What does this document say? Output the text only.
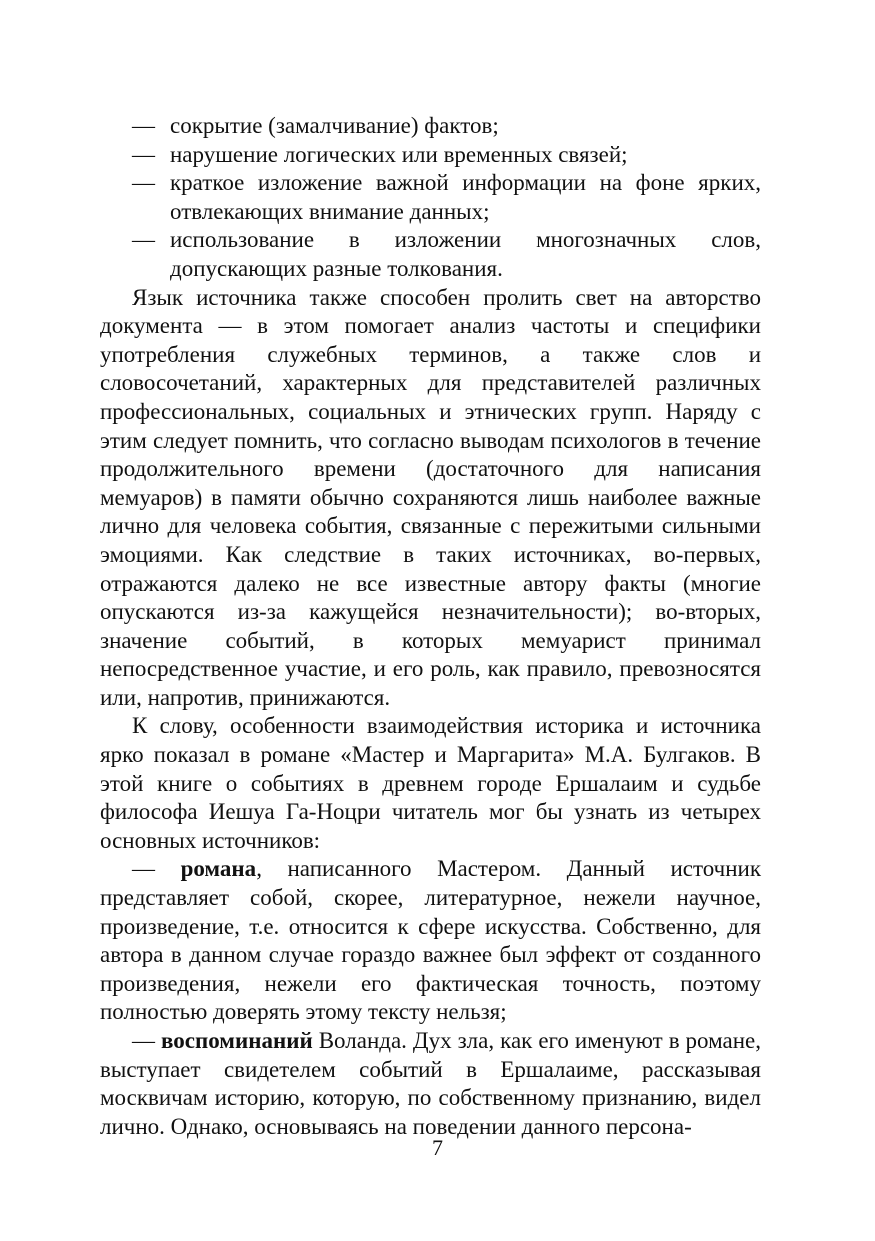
— сокрытие (замалчивание) фактов;
— нарушение логических или временных связей;
— краткое изложение важной информации на фоне ярких, отвлекающих внимание данных;
— использование в изложении многозначных слов, допускающих разные толкования.

Язык источника также способен пролить свет на авторство документа — в этом помогает анализ частоты и специфики употребления служебных терминов, а также слов и словосочетаний, характерных для представителей различных профессиональных, социальных и этнических групп. Наряду с этим следует помнить, что согласно выводам психологов в течение продолжительного времени (достаточного для написания мемуаров) в памяти обычно сохраняются лишь наиболее важные лично для человека события, связанные с пережитыми сильными эмоциями. Как следствие в таких источниках, во-первых, отражаются далеко не все известные автору факты (многие опускаются из-за кажущейся незначительности); во-вторых, значение событий, в которых мемуарист принимал непосредственное участие, и его роль, как правило, превозносятся или, напротив, принижаются.

К слову, особенности взаимодействия историка и источника ярко показал в романе «Мастер и Маргарита» М.А. Булгаков. В этой книге о событиях в древнем городе Ершалаим и судьбе философа Иешуа Га-Ноцри читатель мог бы узнать из четырех основных источников:

— романа, написанного Мастером. Данный источник представляет собой, скорее, литературное, нежели научное, произведение, т.е. относится к сфере искусства. Собственно, для автора в данном случае гораздо важнее был эффект от созданного произведения, нежели его фактическая точность, поэтому полностью доверять этому тексту нельзя;

— воспоминаний Воланда. Дух зла, как его именуют в романе, выступает свидетелем событий в Ершалаиме, рассказывая москвичам историю, которую, по собственному признанию, видел лично. Однако, основываясь на поведении данного персона-

7
